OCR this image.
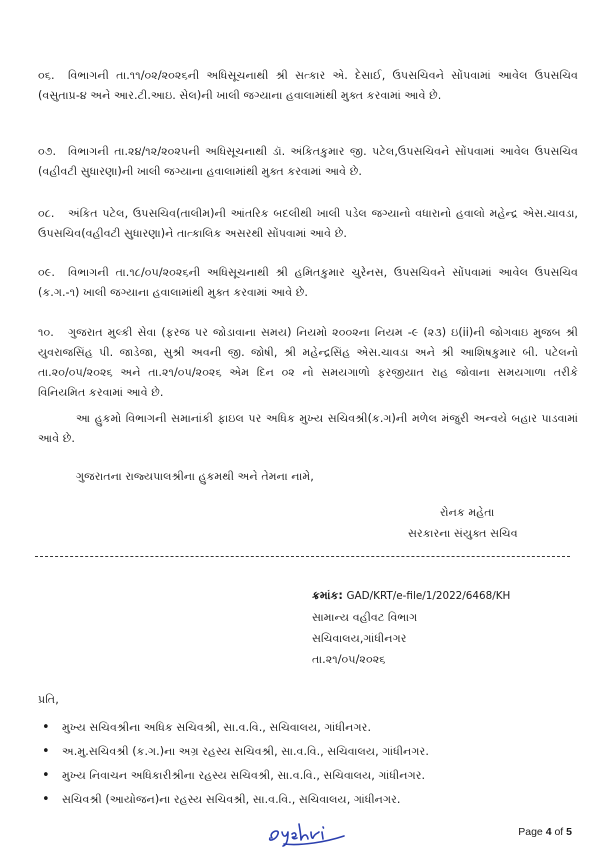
૦૬. વિભાગની તા.૧૧/૦૨/૨૦૨૬ની અધિસૂચનાથી શ્રી સત્કાર એ. દેસાઈ, ઉપસચિવને સોંપવામાં આવેલ ઉપસચિવ (વસુતાપ્ર-૪ અને આર.ટી.આઇ. સેલ)ની ખાલી જગ્યાના હવાલામાંથી મુક્ત કરવામાં આવે છે.

૦૭. વિભાગની તા.૨૪/૧૨/૨૦૨૫ની અધિસૂચનાથી ડૉ. અંકિતકુમાર જી. પટેલ,ઉપસચિવને સોંપવામાં આવેલ ઉપસચિવ (વહીવટી સુધારણા)ની ખાલી જગ્યાના હવાલામાંથી મુક્ત કરવામાં આવે છે.

૦૮. અંકિત પટેલ, ઉપસચિવ(તાલીમ)ની આંતરિક બદલીથી ખાલી પડેલ જગ્યાનો વધારાનો હવાલો મહેન્દ્ર એસ.ચાવડા, ઉપસચિવ(વહીવટી સુધારણા)ને તાત્કાલિક અસરથી સોંપવામાં આવે છે.

૦૯. વિભાગની તા.૧૮/૦૫/૨૦૨૬ની અધિસૂચનાથી શ્રી હમિતકુમાર ચુરેનસ, ઉપસચિવને સોંપવામાં આવેલ ઉપસચિવ (ક.ગ.-૧) ખાલી જગ્યાના હવાલામાંથી મુક્ત કરવામાં આવે છે.

૧૦. ગુજરાત મુલ્કી સેવા (ફરજ પર જોડાવાના સમય) નિયમો ૨૦૦૨ના નિયમ -૯ (૨૩) ઇ(ii)ની જોગવાઇ મુજબ શ્રી યુવરાજસિંહ પી. જાડેજા, સુશ્રી અવની જી. જોષી, શ્રી મહેન્દ્રસિંહ એસ.ચાવડા અને શ્રી આશિષકુમાર બી. પટેલનો તા.૨૦/૦૫/૨૦૨૬ અને તા.૨૧/૦૫/૨૦૨૬ એમ દિન ૦૨ નો સમયગાળો ફરજીયાત રાહ જોવાના સમયગાળા તરીકે વિનિયમિત કરવામાં આવે છે.

આ હુકમો વિભાગની સમાનાંકી ફાઇલ પર અધિક મુખ્ય સચિવશ્રી(ક.ગ)ની મળેલ મંજુરી અન્વયે બહાર પાડવામાં આવે છે.

ગુજરાતના રાજ્યપાલશ્રીના હુકમથી અને તેમના નામે,
રોનક મહેતા
સરકારના સંયુક્ત સચિવ
ક્રમાંક: GAD/KRT/e-file/1/2022/6468/KH
સામાન્ય વહીવટ વિભાગ
સચિવાલય,ગાંધીનગર
તા.૨૧/૦૫/૨૦૨૬
પ્રતિ,
• મુખ્ય સચિવશ્રીના અધિક સચિવશ્રી, સા.વ.વિ., સચિવાલય, ગાંધીનગર.
• અ.મુ.સચિવશ્રી (ક.ગ.)ના અગ્ર રહસ્ય સચિવશ્રી, સા.વ.વિ., સચિવાલય, ગાંધીનગર.
• મુખ્ય નિવાચન અધિકારીશ્રીના રહસ્ય સચિવશ્રી, સા.વ.વિ., સચિવાલય, ગાંધીનગર.
• સચિવશ્રી (આયોજન)ના રહસ્ય સચિવશ્રી, સા.વ.વિ., સચિવાલય, ગાંધીનગર.
Page 4 of 5
